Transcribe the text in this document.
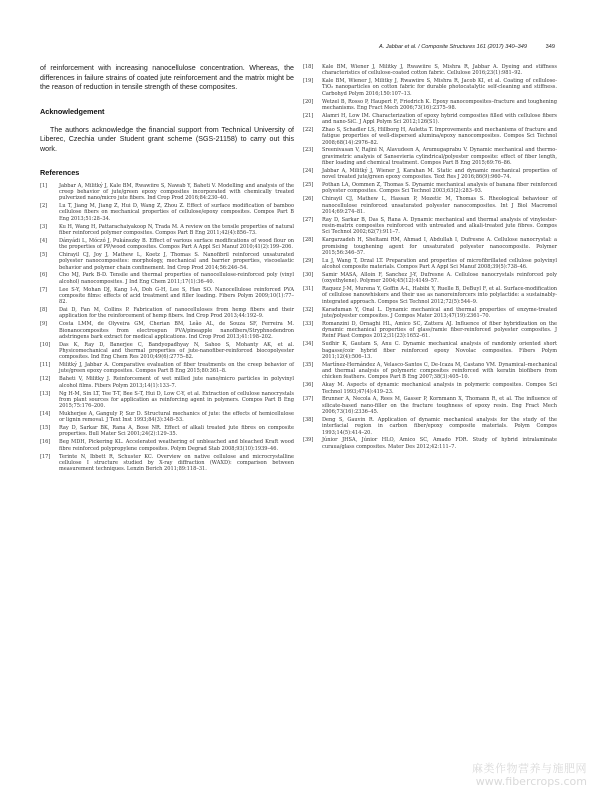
A. Jabbar et al. / Composite Structures 161 (2017) 340–349	349

of reinforcement with increasing nanocellulose concentration. Whereas, the differences in failure strains of coated jute reinforcement and the matrix might be the reason of reduction in tensile strength of these composites.

Acknowledgement

The authors acknowledge the financial support from Technical University of Liberec, Czechia under Student grant scheme (SGS-21158) to carry out this work.

References
[1]	Jabbar A, Militký J, Kale BM, Rwawiire S, Nawab Y, Baheti V. Modelling and analysis of the creep behavior of jute/green epoxy composites incorporated with chemically treated pulverized nano/micro jute fibers. Ind Crop Prod 2016;84:230–40.
[2]	Lu T, Jiang M, Jiang Z, Hui D, Wang Z, Zhou Z. Effect of surface modification of bamboo cellulose fibers on mechanical properties of cellulose/epoxy composites. Compos Part B Eng 2013;51:28–34.
[3]	Ku H, Wang H, Pattarachaiyakoop N, Trada M. A review on the tensile properties of natural fiber reinforced polymer composites. Compos Part B Eng 2011;42(4):856–73.
[4]	Dányádi L, Móczó J, Pukánszky B. Effect of various surface modifications of wood flour on the properties of PP/wood composites. Compos Part A Appl Sci Manuf 2010;41(2):199–206.
[5]	Chirayil CJ, Joy J, Mathew L, Koetz J, Thomas S. Nanofibril reinforced unsaturated polyester nanocomposites: morphology, mechanical and barrier properties, viscoelastic behavior and polymer chain confinement. Ind Crop Prod 2014;56:246–54.
[6]	Cho MJ, Park B-D. Tensile and thermal properties of nanocellulose-reinforced poly (vinyl alcohol) nanocomposites. J Ind Eng Chem 2011;17(1):36–40.
[7]	Lee S-Y, Mohan DJ, Kang I-A, Doh G-H, Lee S, Han SO. Nanocellulose reinforced PVA composite films: effects of acid treatment and filler loading. Fibers Polym 2009;10(1):77–82.
[8]	Dai D, Fan M, Collins P. Fabrication of nanocelluloses from hemp fibers and their application for the reinforcement of hemp fibers. Ind Crop Prod 2013;44:192–9.
[9]	Costa LMM, de Olyveira GM, Cherian BM, Leão AL, de Souza SF, Ferreira M. Bionanocomposites from electrospun PVA/pineapple nanofibers/Stryphnodendron adstringens bark extract for medical applications. Ind Crop Prod 2013;41:198–202.
[10]	Das K, Ray D, Banerjee C, Bandyopadhyay N, Sahoo S, Mohanty AK, et al. Physicomechanical and thermal properties of jute-nanofiber-reinforced biocopolyester composites. Ind Eng Chem Res 2010;49(6):2775–82.
[11]	Militký J, Jabbar A. Comparative evaluation of fiber treatments on the creep behavior of jute/green epoxy composites. Compos Part B Eng 2015;80:361–8.
[12]	Baheti V, Militky J. Reinforcement of wet milled jute nano/micro particles in polyvinyl alcohol films. Fibers Polym 2013;14(1):133–7.
[13]	Ng H-M, Sin LT, Tee T-T, Bee S-T, Hui D, Low C-Y, et al. Extraction of cellulose nanocrystals from plant sources for application as reinforcing agent in polymers. Compos Part B Eng 2015;75:176–200.
[14]	Mukherjee A, Ganguly P, Sur D. Structural mechanics of jute: the effects of hemicellulose or lignin removal. J Text Inst 1993;84(3):348–53.
[15]	Ray D, Sarkar BK, Rana A, Bose NR. Effect of alkali treated jute fibres on composite properties. Bull Mater Sci 2001;24(2):129–35.
[16]	Beg MDH, Pickering KL. Accelerated weathering of unbleached and bleached Kraft wood fibre reinforced polypropylene composites. Polym Degrad Stab 2008;93(10):1939–46.
[17]	Terinte N, Ibbett R, Schuster KC. Overview on native cellulose and microcrystalline cellulose I structure studied by X-ray diffraction (WAXD): comparison between measurement techniques. Lenzin Berich 2011;89:118–31.
[18]	Kale BM, Wiener J, Militky J, Rwawiire S, Mishra R, Jabbar A. Dyeing and stiffness characteristics of cellulose-coated cotton fabric. Cellulose 2016;23(1):981–92.
[19]	Kale BM, Wiener J, Militky J, Rwawiire S, Mishra R, Jacob KI, et al. Coating of cellulose-TiO₂ nanoparticles on cotton fabric for durable photocatalytic self-cleaning and stiffness. Carbohyd Polym 2016;150:107–13.
[20]	Wetzel B, Rosso P, Haupert F, Friedrich K. Epoxy nanocomposites–fracture and toughening mechanisms. Eng Fract Mech 2006;73(16):2375–98.
[21]	Alamri H, Low IM. Characterization of epoxy hybrid composites filled with cellulose fibers and nano-SiC. J Appl Polym Sci 2012;126(S1).
[22]	Zhao S, Schadler LS, Hillborg H, Auletta T. Improvements and mechanisms of fracture and fatigue properties of well-dispersed alumina/epoxy nanocomposites. Compos Sci Technol 2008;68(14):2976–82.
[23]	Sreenivasan V, Rajini N, Alavudeen A, Arumugaprabu V. Dynamic mechanical and thermo-gravimetric analysis of Sansevieria cylindrical/polyester composite: effect of fiber length, fiber loading and chemical treatment. Compos Part B Eng 2015;69:76–86.
[24]	Jabbar A, Militký J, Wiener J, Karahan M. Static and dynamic mechanical properties of novel treated jute/green epoxy composites. Text Res J 2016;86(9):960–74.
[25]	Pothan LA, Oommen Z, Thomas S. Dynamic mechanical analysis of banana fiber reinforced polyester composites. Compos Sci Technol 2003;63(2):283–93.
[26]	Chirayil CJ, Mathew L, Hassan P, Mozetic M, Thomas S. Rheological behaviour of nanocellulose reinforced unsaturated polyester nanocomposites. Int J Biol Macromol 2014;69:274–81.
[27]	Ray D, Sarkar B, Das S, Rana A. Dynamic mechanical and thermal analysis of vinylester-resin-matrix composites reinforced with untreated and alkali-treated jute fibres. Compos Sci Technol 2002;62(7):911–7.
[28]	Kargarzadeh H, Sheltami RM, Ahmad I, Abdullah I, Dufresne A. Cellulose nanocrystal: a promising toughening agent for unsaturated polyester nanocomposite. Polymer 2015;56:346–57.
[29]	Lu J, Wang T, Drzal LT. Preparation and properties of microfibrillated cellulose polyvinyl alcohol composite materials. Compos Part A Appl Sci Manuf 2008;39(5):738–46.
[30]	Samir MASA, Alloin F, Sanchez J-Y, Dufresne A. Cellulose nanocrystals reinforced poly (oxyethylene). Polymer 2004;45(12):4149–57.
[31]	Raquez J-M, Murena Y, Goffin A-L, Habibi Y, Ruelle B, DeBuyl F, et al. Surface-modification of cellulose nanowhiskers and their use as nanoreinforcers into polylactide: a sustainably-integrated approach. Compos Sci Technol 2012;72(5):544–9.
[32]	Karaduman Y, Onal L. Dynamic mechanical and thermal properties of enzyme-treated jute/polyester composites. J Compos Mater 2013;47(19):2361–70.
[33]	Romanzini D, Ornaghi HL, Amico SC, Zattera AJ. Influence of fiber hybridization on the dynamic mechanical properties of glass/ramie fiber-reinforced polyester composites. J Reinf Plast Compos 2012;31(23):1652–61.
[34]	Sudhir K, Gautam S, Anu C. Dynamic mechanical analysis of randomly oriented short bagasse/coir hybrid fiber reinforced epoxy Novolac composites. Fibers Polym 2011;12(4):506–13.
[35]	Martínez-Hernández A, Velasco-Santos C, De-Icaza M, Castano VM. Dynamical–mechanical and thermal analysis of polymeric composites reinforced with keratin biofibers from chicken feathers. Compos Part B Eng 2007;38(3):405–10.
[36]	Akay M. Aspects of dynamic mechanical analysis in polymeric composites. Compos Sci Technol 1993;47(4):419–23.
[37]	Brunner A, Necola A, Rees M, Gasser P, Kornmann X, Thomann R, et al. The influence of silicate-based nano-filler on the fracture toughness of epoxy resin. Eng Fract Mech 2006;73(16):2336–45.
[38]	Deng S, Gauvin R. Application of dynamic mechanical analysis for the study of the interfacial region in carbon fiber/epoxy composite materials. Polym Compos 1993;14(5):414–20.
[39]	Júnior JHSA, Júnior HLO, Amico SC, Amado FDR. Study of hybrid intralaminate curaua/glass composites. Mater Des 2012;42:111–7.
麻类作物营养与施肥网
www.fibercrops.com
